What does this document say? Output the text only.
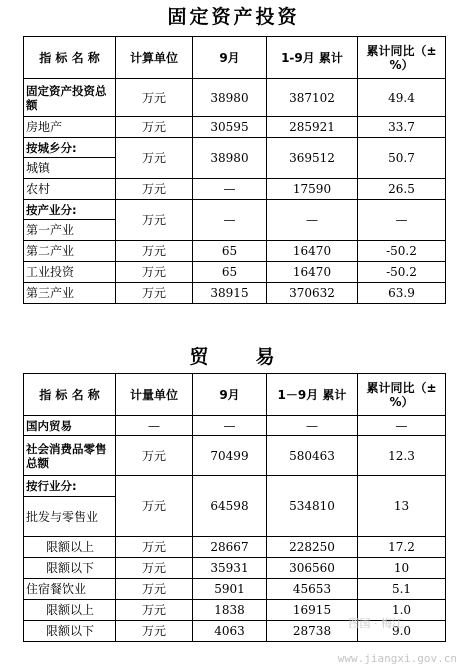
固定资产投资
指 标 名 称	计算单位	9月	1-9月 累计	累计同比（±%）
固定资产投资总额	万元	38980	387102	49.4
房地产	万元	30595	285921	33.7
按城乡分:	万元	38980	369512	50.7
城镇				
农村	万元	—	17590	26.5
按产业分:	万元	—	—	—
第一产业				
第二产业	万元	65	16470	-50.2
工业投资	万元	65	16470	-50.2
第三产业	万元	38915	370632	63.9
贸　　易
指 标 名 称	计量单位	9月	1－9月 累计	累计同比（±%）
国内贸易	—	—	—	—
社会消费品零售总额	万元	70499	580463	12.3
按行业分:	万元	64598	534810	13
批发与零售业				
限额以上	万元	28667	228250	17.2
限额以下	万元	35931	306560	10
住宿餐饮业	万元	5901	45653	5.1
限额以上	万元	1838	16915	1.0
限额以下	万元	4063	28738	9.0
图国 · 梅江
www.jiangxi.gov.cn
